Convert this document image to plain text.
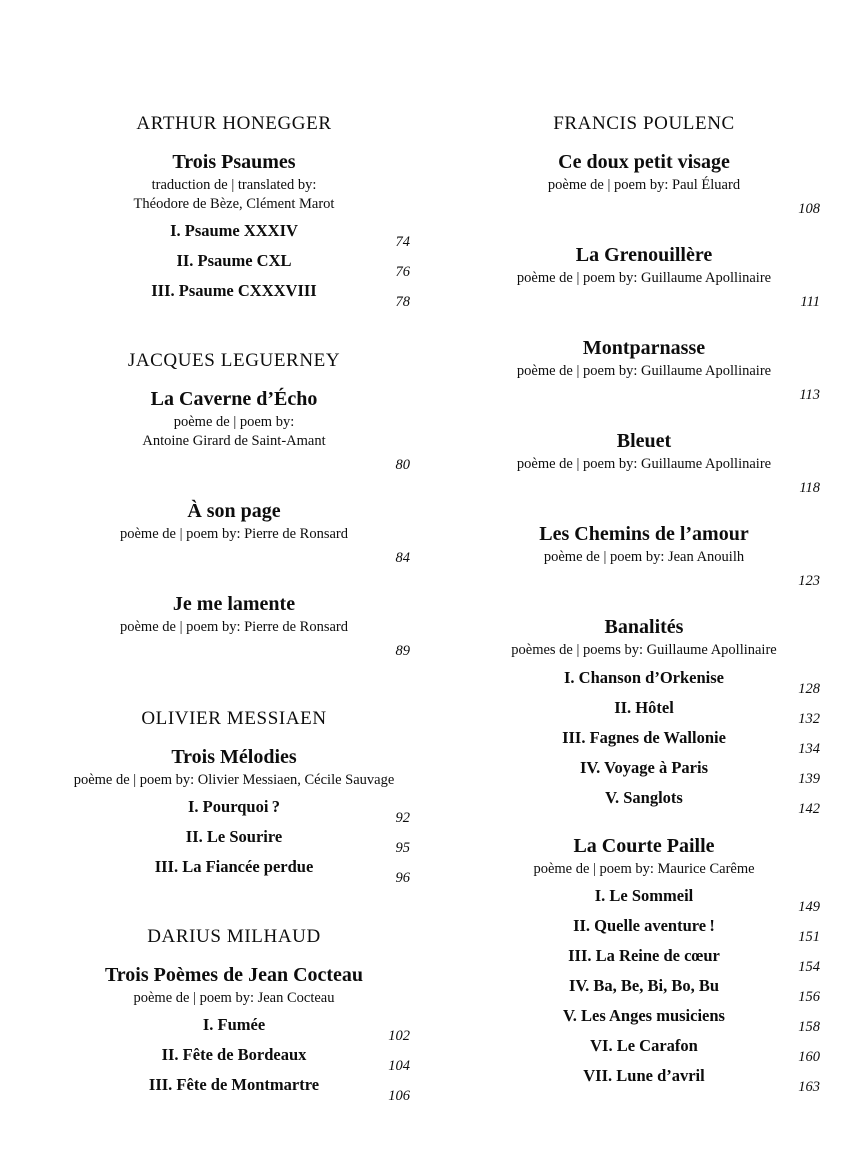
ARTHUR HONEGGER
Trois Psaumes
traduction de | translated by:
Théodore de Bèze, Clément Marot
I. Psaume XXXIV
74
II. Psaume CXL
76
III. Psaume CXXXVIII
78
JACQUES LEGUERNEY
La Caverne d’Écho
poème de | poem by:
Antoine Girard de Saint-Amant
80
À son page
poème de | poem by: Pierre de Ronsard
84
Je me lamente
poème de | poem by: Pierre de Ronsard
89
OLIVIER MESSIAEN
Trois Mélodies
poème de | poem by: Olivier Messiaen, Cécile Sauvage
I. Pourquoi ?
92
II. Le Sourire
95
III. La Fiancée perdue
96
DARIUS MILHAUD
Trois Poèmes de Jean Cocteau
poème de | poem by: Jean Cocteau
I. Fumée
102
II. Fête de Bordeaux
104
III. Fête de Montmartre
106
FRANCIS POULENC
Ce doux petit visage
poème de | poem by: Paul Éluard
108
La Grenouillère
poème de | poem by: Guillaume Apollinaire
111
Montparnasse
poème de | poem by: Guillaume Apollinaire
113
Bleuet
poème de | poem by: Guillaume Apollinaire
118
Les Chemins de l’amour
poème de | poem by: Jean Anouilh
123
Banalités
poèmes de | poems by: Guillaume Apollinaire
I. Chanson d’Orkenise
128
II. Hôtel
132
III. Fagnes de Wallonie
134
IV. Voyage à Paris
139
V. Sanglots
142
La Courte Paille
poème de | poem by: Maurice Carême
I. Le Sommeil
149
II. Quelle aventure !
151
III. La Reine de cœur
154
IV. Ba, Be, Bi, Bo, Bu
156
V. Les Anges musiciens
158
VI. Le Carafon
160
VII. Lune d’avril
163
